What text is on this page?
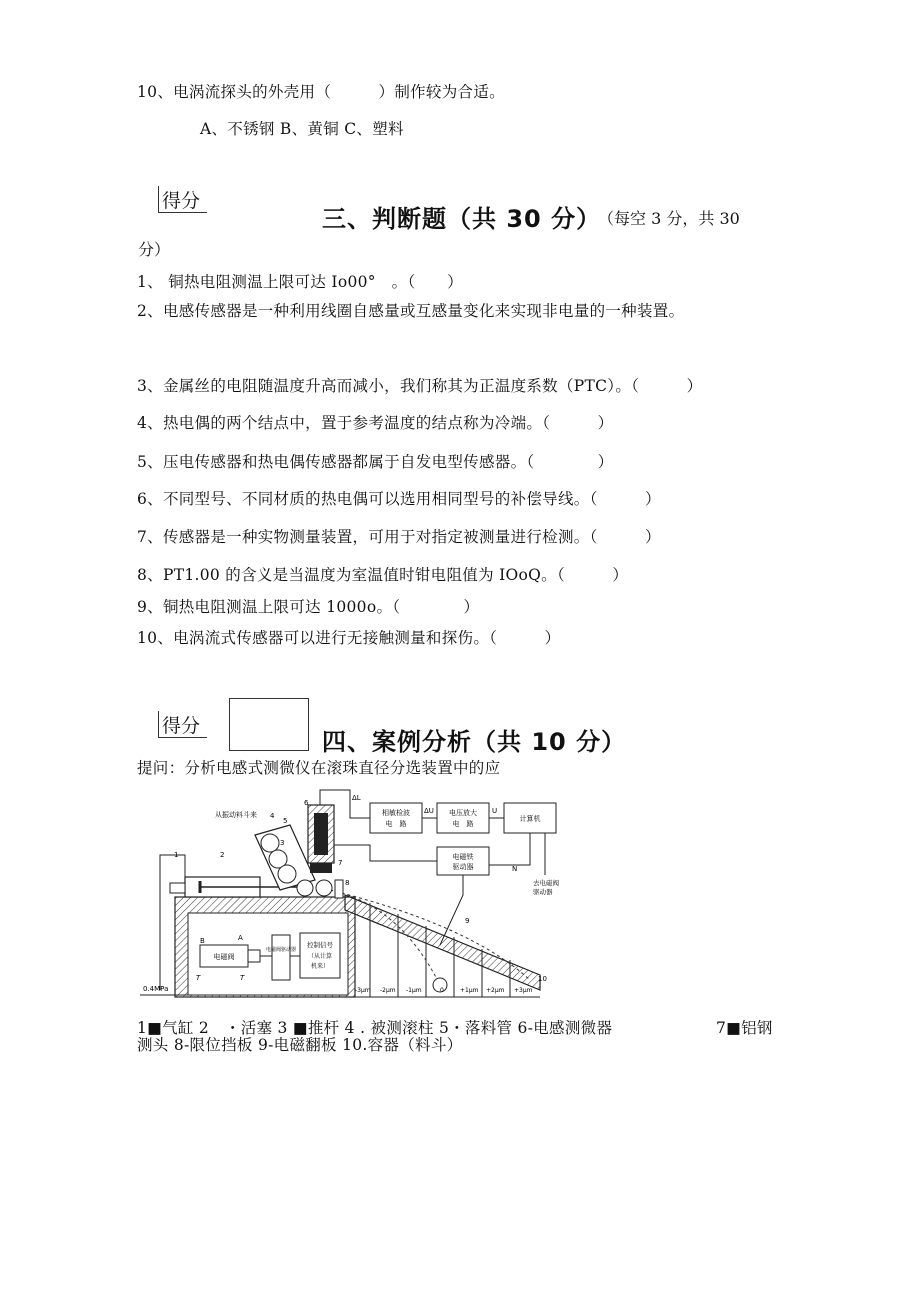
10、电涡流探头的外壳用（　　　）制作较为合适。
A、不锈钢 B、黄铜 C、塑料
得分
三、判断题（共 30 分）
（每空 3 分，共 30
分）
1、 铜热电阻测温上限可达 Io00°　。（　　）
2、电感传感器是一种利用线圈自感量或互感量变化来实现非电量的一种装置。
3、金属丝的电阻随温度升高而减小，我们称其为正温度系数（PTC）。（　　　）
4、热电偶的两个结点中，置于参考温度的结点称为冷端。（　　　）
5、压电传感器和热电偶传感器都属于自发电型传感器。（　　　　）
6、不同型号、不同材质的热电偶可以选用相同型号的补偿导线。（　　　）
7、传感器是一种实物测量装置，可用于对指定被测量进行检测。（　　　）
8、PT1.00 的含义是当温度为室温值时钳电阻值为 IOoQ。（　　　）
9、铜热电阻测温上限可达 1000o。（　　　　）
10、电涡流式传感器可以进行无接触测量和探伤。（　　　）
得分
四、案例分析（共 10 分）
提问：分析电感式测微仪在滚珠直径分选装置中的应
相敏检波
电　路
电压放大
电　路
计算机
电磁铁
驱动器
ΔL
ΔU	U
N
去电磁阀
驱动器
电磁阀
电磁阀驱动器
控制信号
（从计算
机来）
B	A
T	T
0.4MPa
从振动料斗来
1	2
3
4
5
6
7
8
9
10
-3μm -2μm -1μm	0	+1μm +2μm +3μm
1■气缸 2　・活塞 3 ■推杆 4 . 被测滚柱 5・落料管 6-电感测微器	7■铝钢
测头 8-限位挡板 9-电磁翻板 10.容器（料斗）
